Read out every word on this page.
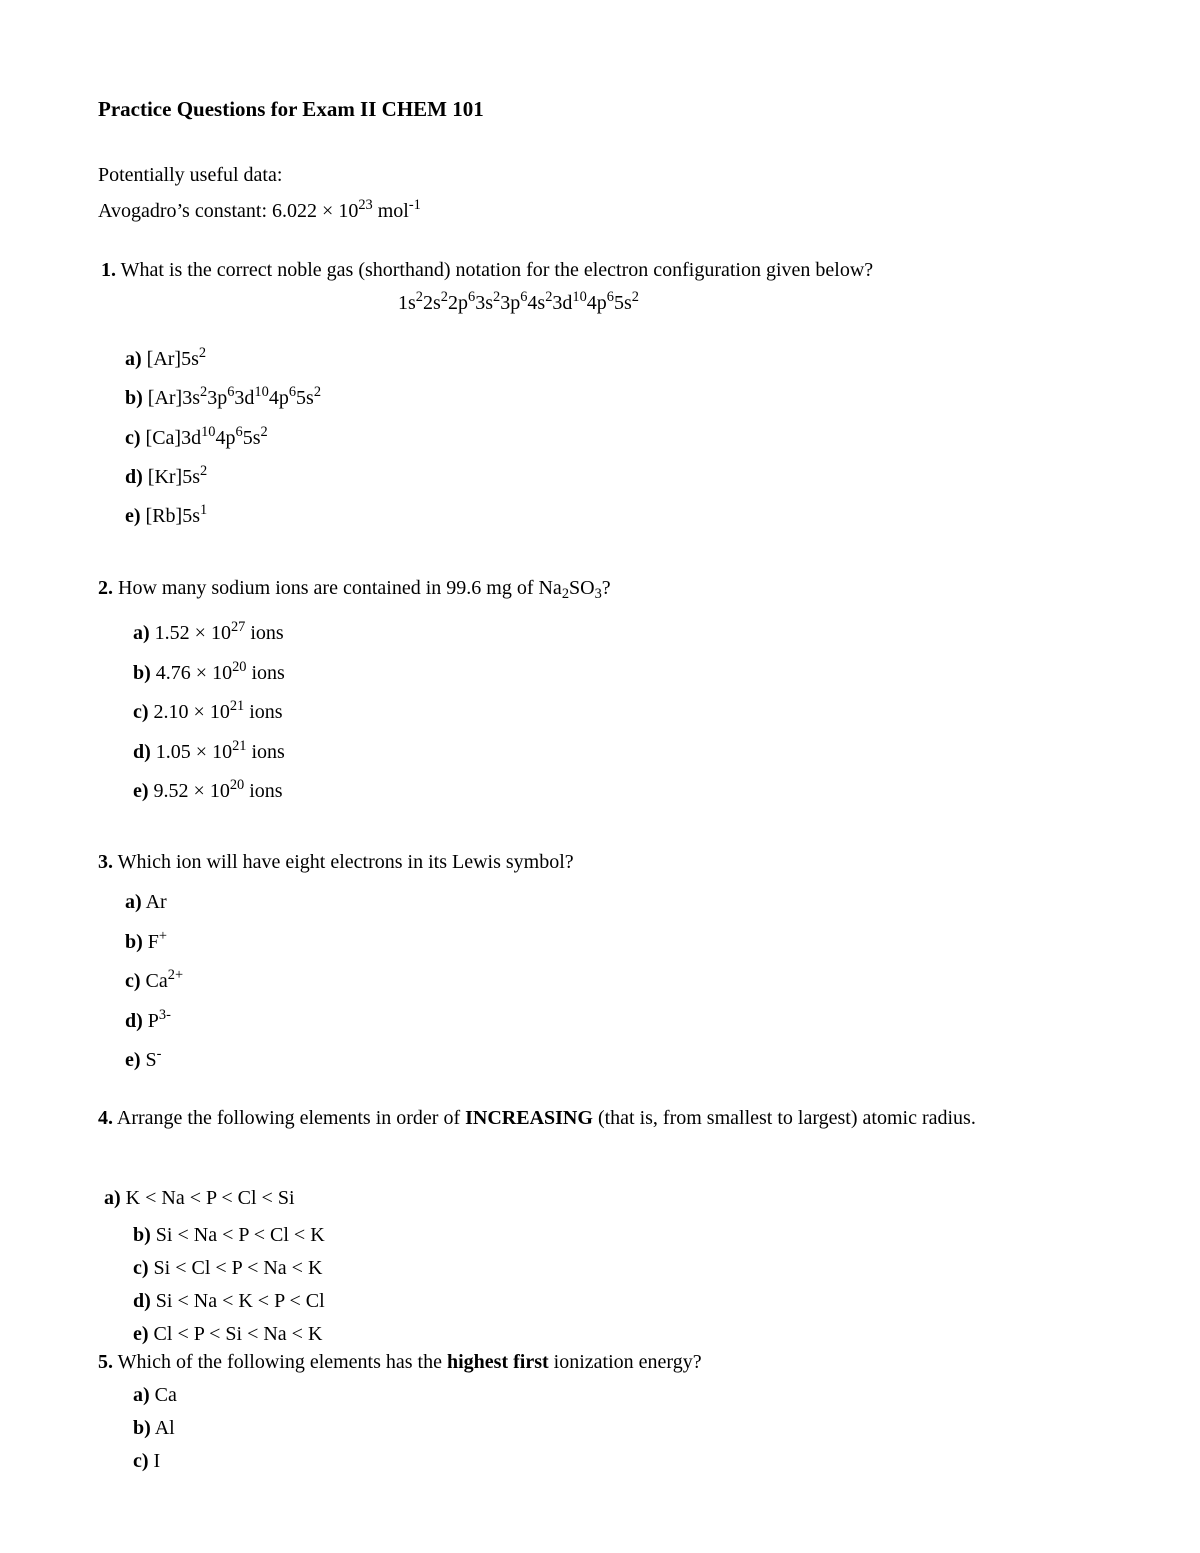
Practice Questions for Exam II CHEM 101
Potentially useful data:
Avogadro’s constant: $6.022 \times 10^{23}$ mol$^{-1}$
1. What is the correct noble gas (shorthand) notation for the electron configuration given below?
$1s^22s^22p^63s^23p^64s^23d^{10}4p^65s^2$
a) $[Ar]5s^2$
b) $[Ar]3s^23p^63d^{10}4p^65s^2$
c) $[Ca]3d^{10}4p^65s^2$
d) $[Kr]5s^2$
e) $[Rb]5s^1$
2. How many sodium ions are contained in 99.6 mg of $Na_2SO_3$?
a) $1.52 \times 10^{27}$ ions
b) $4.76 \times 10^{20}$ ions
c) $2.10 \times 10^{21}$ ions
d) $1.05 \times 10^{21}$ ions
e) $9.52 \times 10^{20}$ ions
3. Which ion will have eight electrons in its Lewis symbol?
a) Ar
b) F+
c) $Ca^{2+}$
d) $P^{3-}$
e) S-
4. Arrange the following elements in order of INCREASING (that is, from smallest to largest) atomic radius.
a) K < Na < P < Cl < Si
b) Si < Na < P < Cl < K
c) Si < Cl < P < Na < K
d) Si < Na < K < P < Cl
e) Cl < P < Si < Na < K
5. Which of the following elements has the highest first ionization energy?
a) Ca
b) Al
c) I
